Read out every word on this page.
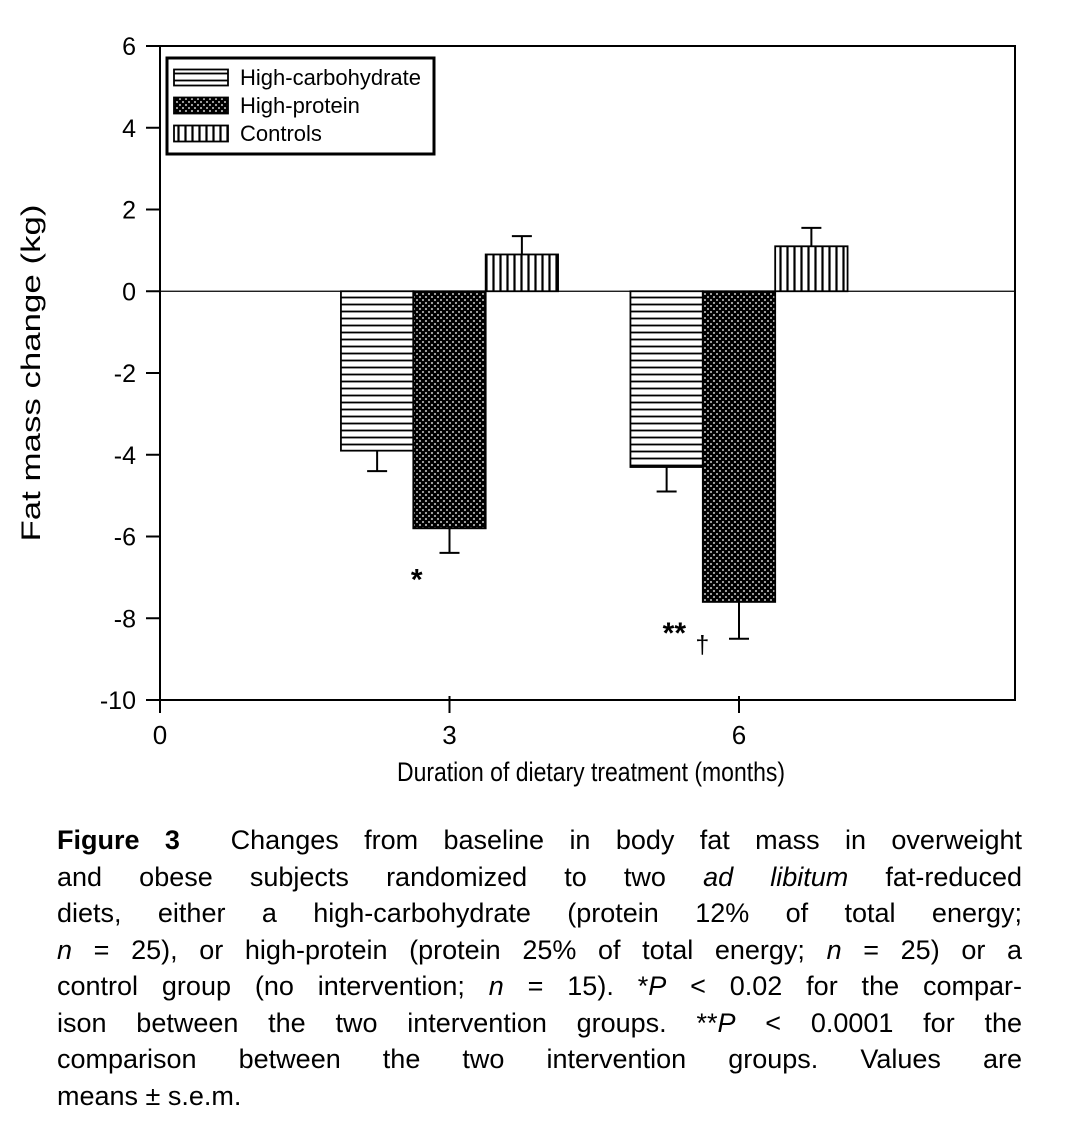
6
4
2
0
-2
-4
-6
-8
-10
0	3	6
*
** †
Fat mass change (kg)
Duration of dietary treatment (months)
High-carbohydrate
High-protein
Controls
Figure 3  Changes from baseline in body fat mass in overweight
and obese subjects randomized to two ad libitum fat-reduced
diets, either a high-carbohydrate (protein 12% of total energy;
n = 25), or high-protein (protein 25% of total energy; n = 25) or a
control group (no intervention; n = 15). *P < 0.02 for the compar-
ison between the two intervention groups. **P < 0.0001 for the
comparison between the two intervention groups. Values are
means ± s.e.m.
